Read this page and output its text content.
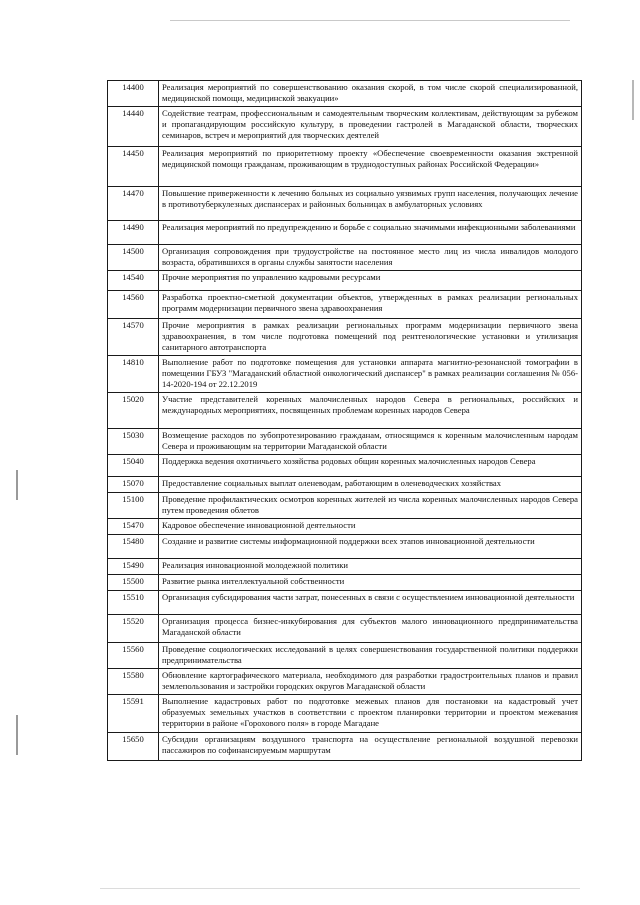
14400	Реализация мероприятий по совершенствованию оказания скорой, в том числе скорой специализированной, медицинской помощи, медицинской эвакуации»
14440	Содействие театрам, профессиональным и самодеятельным творческим коллективам, действующим за рубежом и пропагандирующим российскую культуру, в проведении гастролей в Магаданской области, творческих семинаров, встреч и мероприятий для творческих деятелей
14450	Реализация мероприятий по приоритетному проекту «Обеспечение своевременности оказания экстренной медицинской помощи гражданам, проживающим в труднодоступных районах Российской Федерации»
14470	Повышение приверженности к лечению больных из социально уязвимых групп населения, получающих лечение в противотуберкулезных диспансерах и районных больницах в амбулаторных условиях
14490	Реализация мероприятий по предупреждению и борьбе с социально значимыми инфекционными заболеваниями
14500	Организация сопровождения при трудоустройстве на постоянное место лиц из числа инвалидов молодого возраста, обратившихся в органы службы занятости населения
14540	Прочие мероприятия по управлению кадровыми ресурсами
14560	Разработка проектно-сметной документации объектов, утвержденных в рамках реализации региональных программ модернизации первичного звена здравоохранения
14570	Прочие мероприятия в рамках реализации региональных программ модернизации первичного звена здравоохранения, в том числе подготовка помещений под рентгенологические установки и утилизация санитарного автотранспорта
14810	Выполнение работ по подготовке помещения для установки аппарата магнитно-резонансной томографии в помещении ГБУЗ "Магаданский областной онкологический диспансер" в рамках реализации соглашения № 056-14-2020-194 от 22.12.2019
15020	Участие представителей коренных малочисленных народов Севера в региональных, российских и международных мероприятиях, посвященных проблемам коренных народов Севера
15030	Возмещение расходов по зубопротезированию гражданам, относящимся к коренным малочисленным народам Севера и проживающим на территории Магаданской области
15040	Поддержка ведения охотничьего хозяйства родовых общин коренных малочисленных народов Севера
15070	Предоставление социальных выплат оленеводам, работающим в оленеводческих хозяйствах
15100	Проведение профилактических осмотров коренных жителей из числа коренных малочисленных народов Севера путем проведения облетов
15470	Кадровое обеспечение инновационной деятельности
15480	Создание и развитие системы информационной поддержки всех этапов инновационной деятельности
15490	Реализация инновационной молодежной политики
15500	Развитие рынка интеллектуальной собственности
15510	Организация субсидирования части затрат, понесенных в связи с осуществлением инновационной деятельности
15520	Организация процесса бизнес-инкубирования для субъектов малого инновационного предпринимательства Магаданской области
15560	Проведение социологических исследований в целях совершенствования государственной политики поддержки предпринимательства
15580	Обновление картографического материала, необходимого для разработки градостроительных планов и правил землепользования и застройки городских округов Магаданской области
15591	Выполнение кадастровых работ по подготовке межевых планов для постановки на кадастровый учет образуемых земельных участков в соответствии с проектом планировки территории и проектом межевания территории в районе «Горохового поля» в городе Магадане
15650	Субсидии организациям воздушного транспорта на осуществление региональной воздушной перевозки пассажиров по софинансируемым маршрутам
